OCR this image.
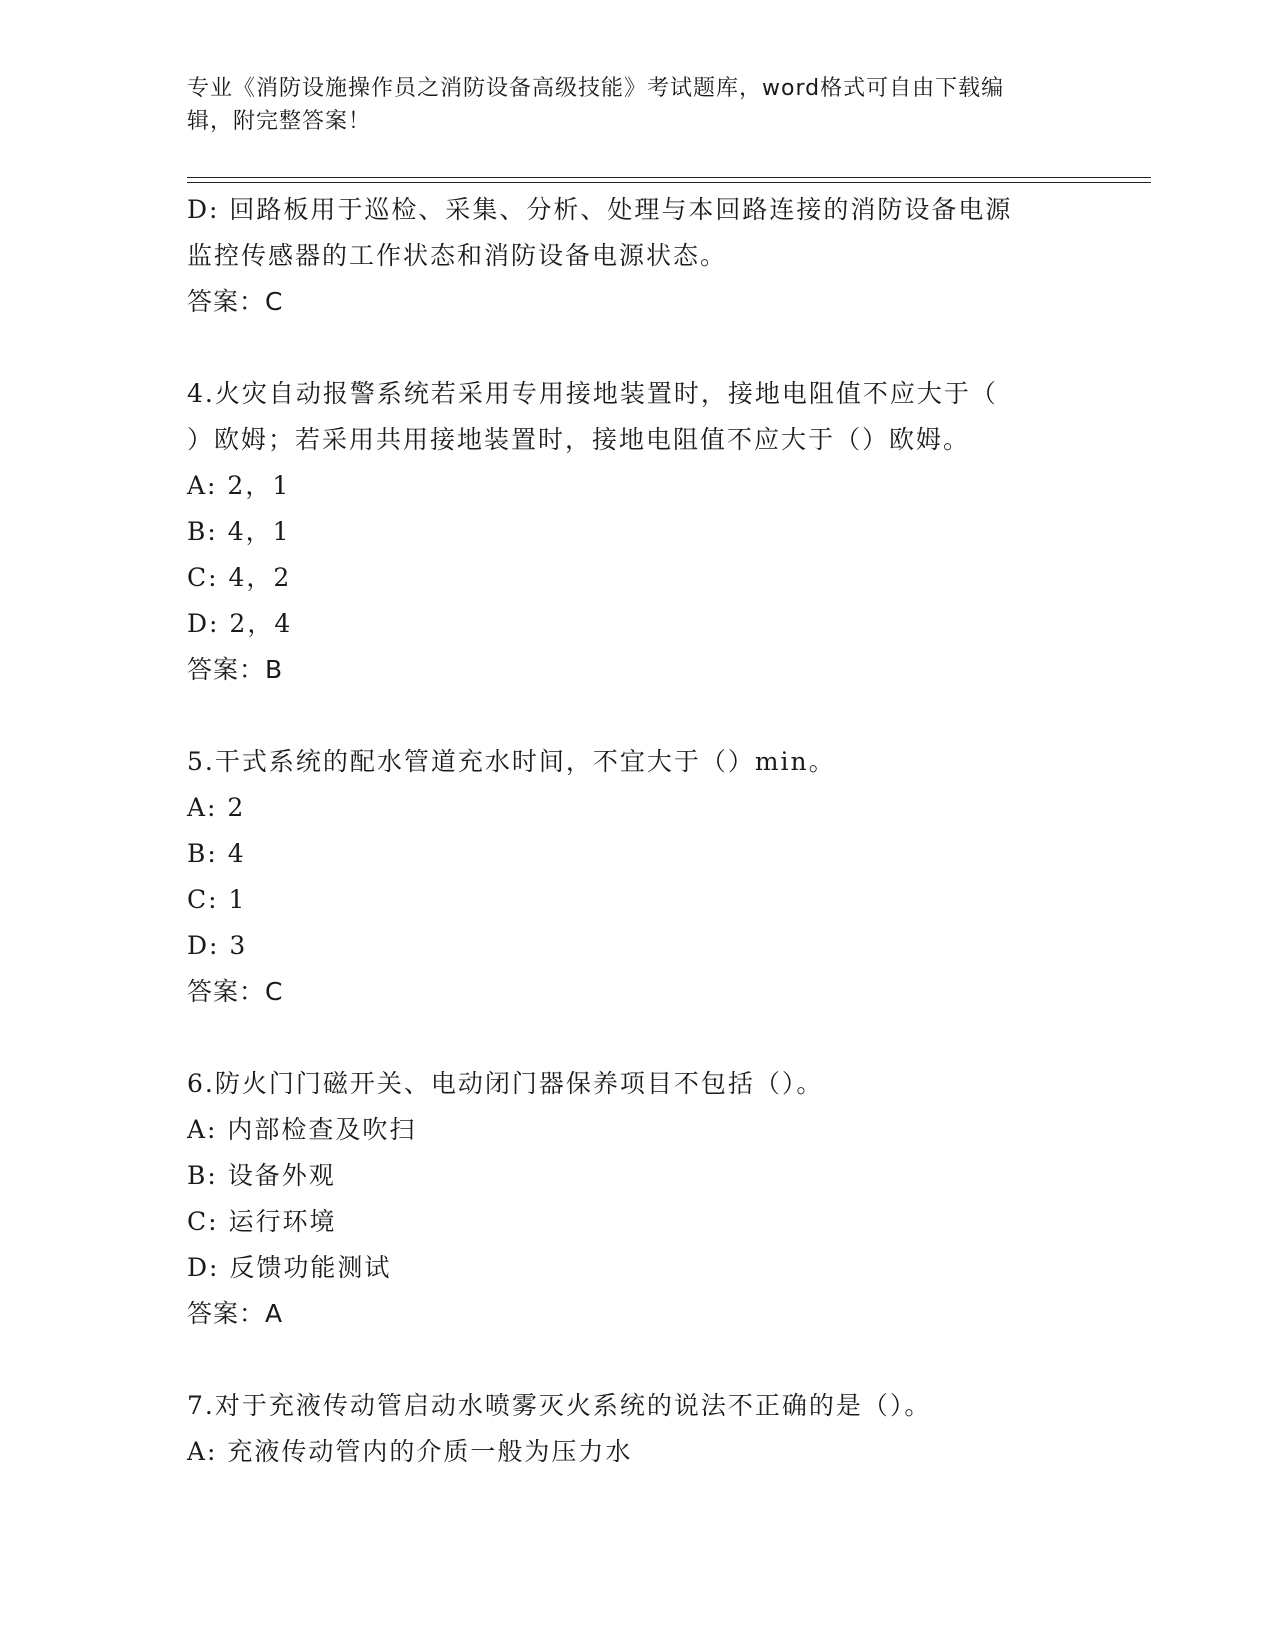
专业《消防设施操作员之消防设备高级技能》考试题库，word格式可自由下载编
辑，附完整答案！
D: 回路板用于巡检、采集、分析、处理与本回路连接的消防设备电源
监控传感器的工作状态和消防设备电源状态。
答案：C
4.火灾自动报警系统若采用专用接地装置时，接地电阻值不应大于（
）欧姆；若采用共用接地装置时，接地电阻值不应大于（）欧姆。
A: 2，1
B: 4，1
C: 4，2
D: 2，4
答案：B
5.干式系统的配水管道充水时间，不宜大于（）min。
A: 2
B: 4
C: 1
D: 3
答案：C
6.防火门门磁开关、电动闭门器保养项目不包括（）。
A: 内部检查及吹扫
B: 设备外观
C: 运行环境
D: 反馈功能测试
答案：A
7.对于充液传动管启动水喷雾灭火系统的说法不正确的是（）。
A: 充液传动管内的介质一般为压力水
